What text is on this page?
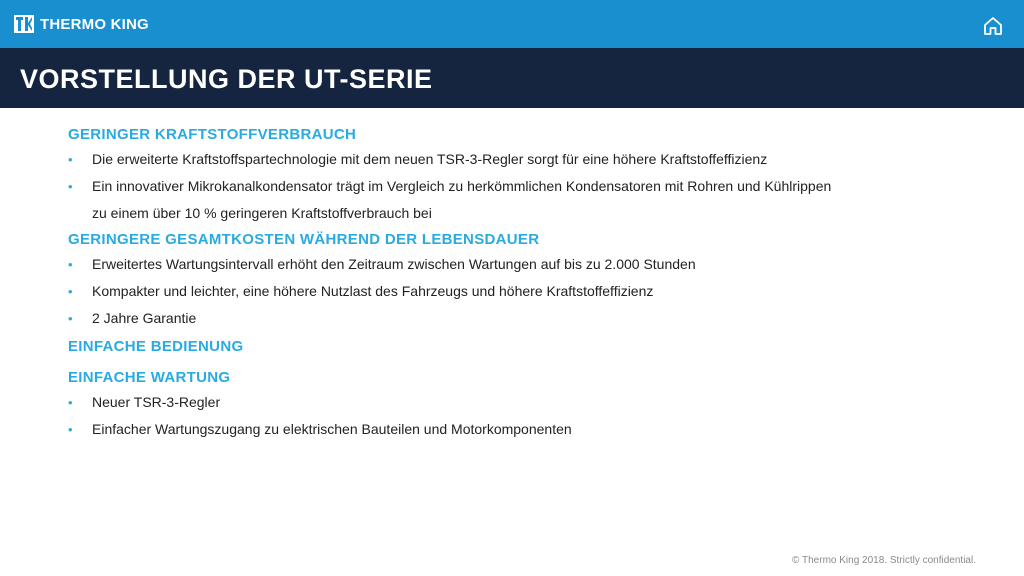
THERMO KING
VORSTELLUNG DER UT-SERIE

GERINGER KRAFTSTOFFVERBRAUCH

• Die erweiterte Kraftstoffspartechnologie mit dem neuen TSR-3-Regler sorgt für eine höhere Kraftstoffeffizienz
• Ein innovativer Mikrokanalkondensator trägt im Vergleich zu herkömmlichen Kondensatoren mit Rohren und Kühlrippen
zu einem über 10 % geringeren Kraftstoffverbrauch bei

GERINGERE GESAMTKOSTEN WÄHREND DER LEBENSDAUER

• Erweitertes Wartungsintervall erhöht den Zeitraum zwischen Wartungen auf bis zu 2.000 Stunden
• Kompakter und leichter, eine höhere Nutzlast des Fahrzeugs und höhere Kraftstoffeffizienz
• 2 Jahre Garantie

EINFACHE BEDIENUNG

EINFACHE WARTUNG

• Neuer TSR-3-Regler
• Einfacher Wartungszugang zu elektrischen Bauteilen und Motorkomponenten
© Thermo King 2018. Strictly confidential.
